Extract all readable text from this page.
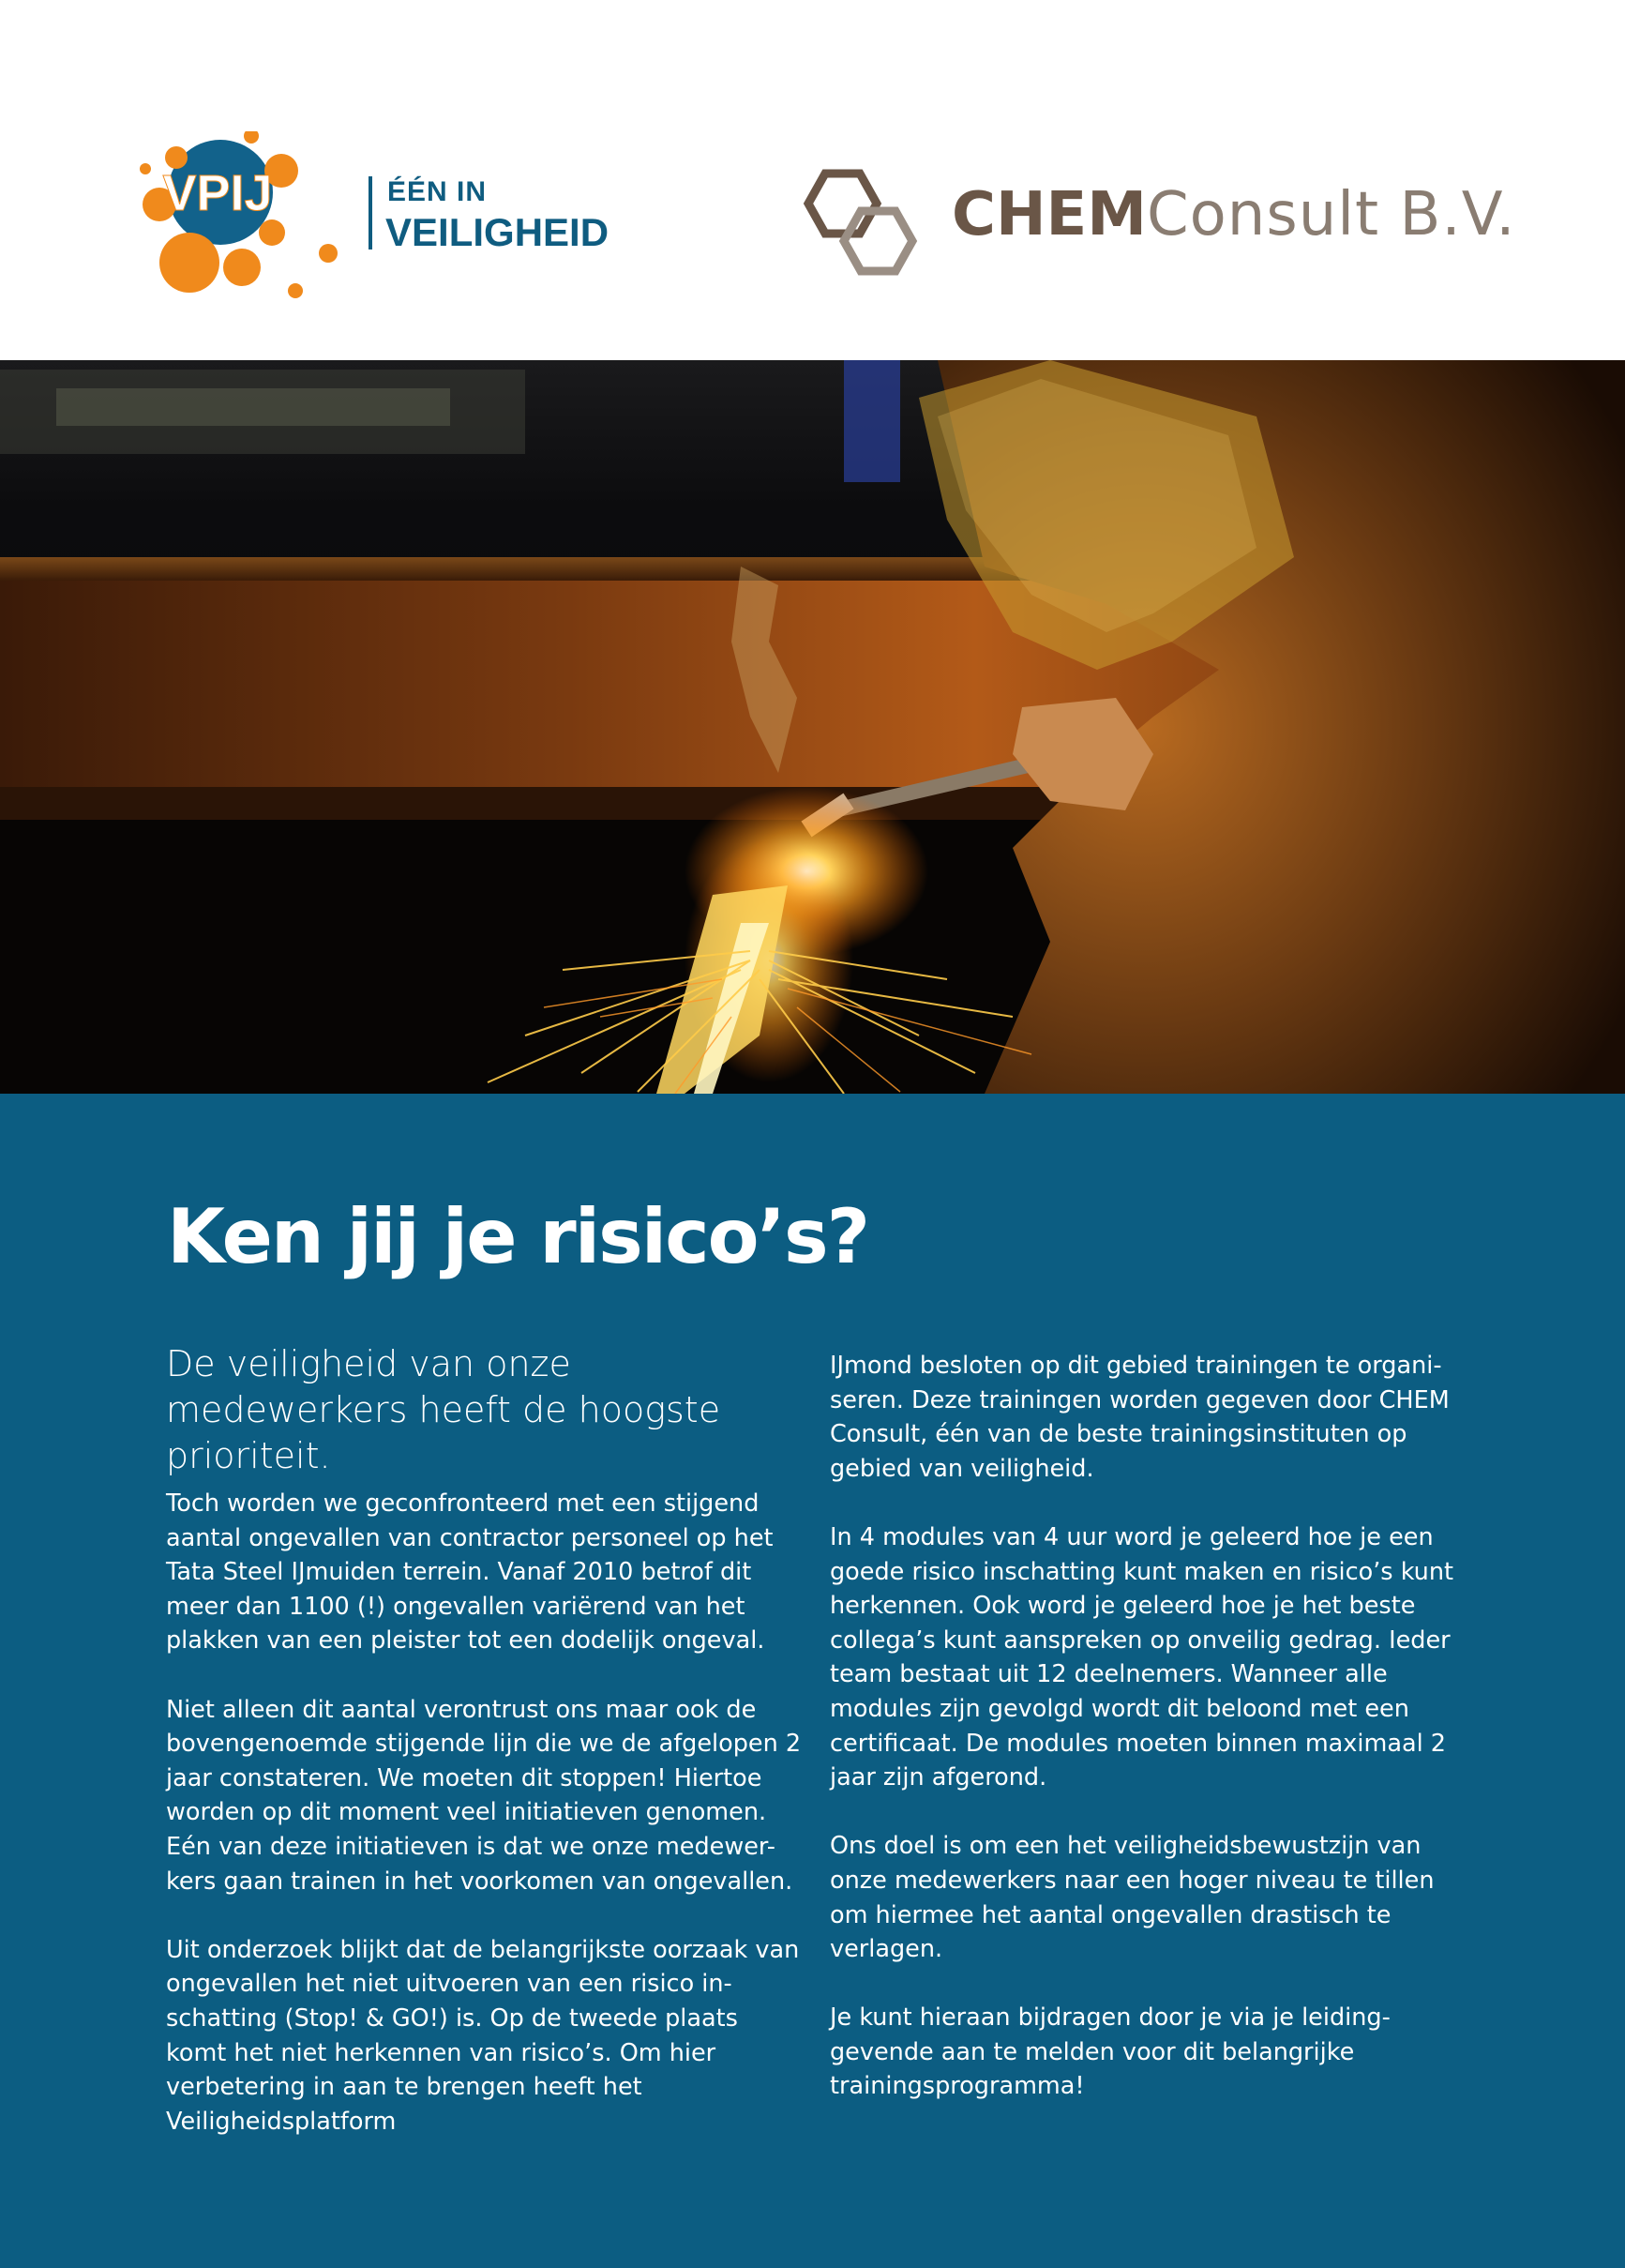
VPIJ	ÉÉN IN
VEILIGHEID	CHEMConsult B.V.
Ken jij je risico’s?
De veiligheid van onze medewerkers heeft de hoogste prioriteit.

Toch worden we geconfronteerd met een stijgend aantal ongevallen van contractor personeel op het Tata Steel IJmuiden terrein. Vanaf 2010 betrof dit meer dan 1100 (!) ongevallen variërend van het plakken van een pleister tot een dodelijk ongeval.

Niet alleen dit aantal verontrust ons maar ook de bovengenoemde stijgende lijn die we de afgelopen 2 jaar constateren. We moeten dit stoppen! Hiertoe worden op dit moment veel initiatieven genomen. Eén van deze initiatieven is dat we onze medewer-kers gaan trainen in het voorkomen van ongevallen.

Uit onderzoek blijkt dat de belangrijkste oorzaak van ongevallen het niet uitvoeren van een risico in-schatting (Stop! & GO!) is. Op de tweede plaats komt het niet herkennen van risico’s. Om hier verbetering in aan te brengen heeft het Veiligheidsplatform

IJmond besloten op dit gebied trainingen te organi-seren. Deze trainingen worden gegeven door CHEM Consult, één van de beste trainingsinstituten op gebied van veiligheid.

In 4 modules van 4 uur word je geleerd hoe je een goede risico inschatting kunt maken en risico’s kunt herkennen. Ook word je geleerd hoe je het beste collega’s kunt aanspreken op onveilig gedrag. Ieder team bestaat uit 12 deelnemers. Wanneer alle modules zijn gevolgd wordt dit beloond met een certificaat. De modules moeten binnen maximaal 2 jaar zijn afgerond.

Ons doel is om een het veiligheidsbewustzijn van onze medewerkers naar een hoger niveau te tillen om hiermee het aantal ongevallen drastisch te verlagen.

Je kunt hieraan bijdragen door je via je leiding-gevende aan te melden voor dit belangrijke trainingsprogramma!
